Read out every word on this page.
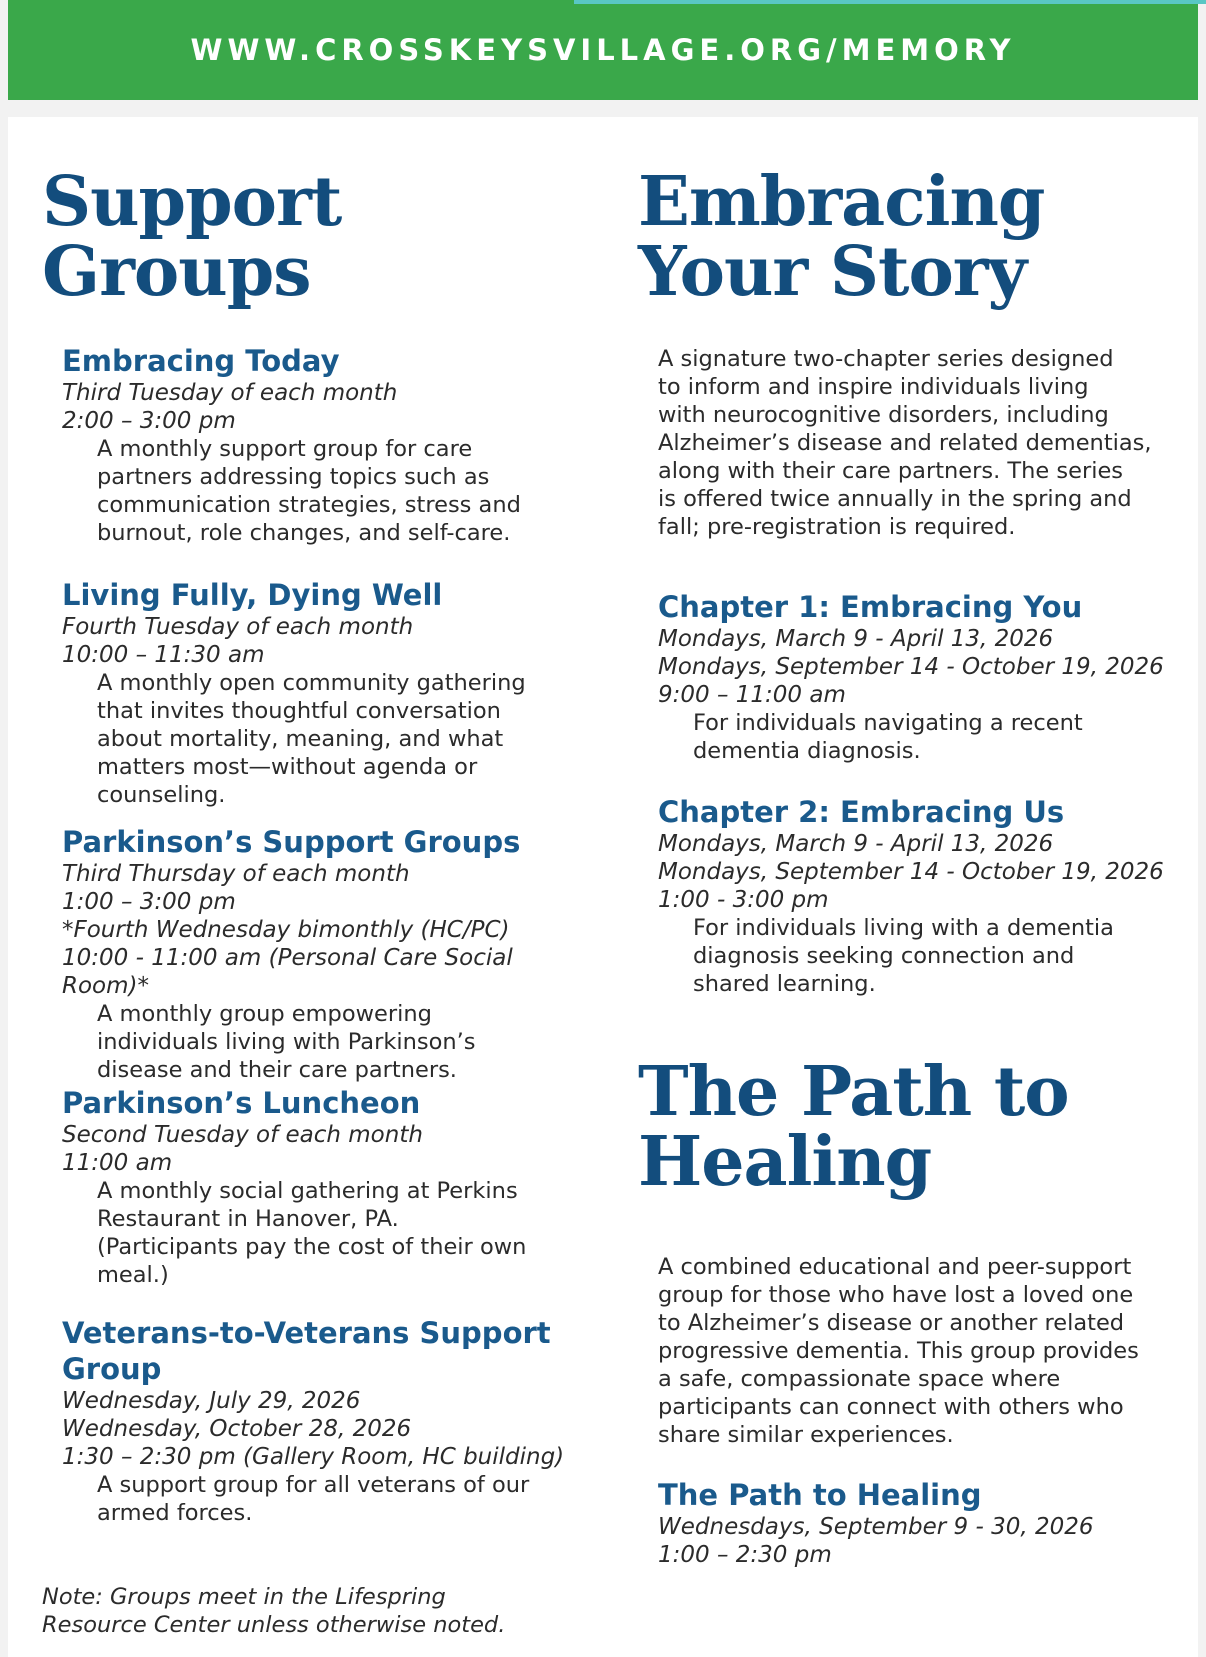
WWW.CROSSKEYSVILLAGE.ORG/MEMORY
Support
Groups
Embracing Today
Third Tuesday of each month
2:00 – 3:00 pm
A monthly support group for care
partners addressing topics such as
communication strategies, stress and
burnout, role changes, and self-care.
Living Fully, Dying Well
Fourth Tuesday of each month
10:00 – 11:30 am
A monthly open community gathering
that invites thoughtful conversation
about mortality, meaning, and what
matters most—without agenda or
counseling.
Parkinson’s Support Groups
Third Thursday of each month
1:00 – 3:00 pm
*Fourth Wednesday bimonthly (HC/PC)
10:00 - 11:00 am (Personal Care Social Room)*
A monthly group empowering
individuals living with Parkinson’s
disease and their care partners.
Parkinson’s Luncheon
Second Tuesday of each month
11:00 am
A monthly social gathering at Perkins
Restaurant in Hanover, PA.
(Participants pay the cost of their own
meal.)
Veterans-to-Veterans Support
Group
Wednesday, July 29, 2026
Wednesday, October 28, 2026
1:30 – 2:30 pm (Gallery Room, HC building)
A support group for all veterans of our
armed forces.
Note: Groups meet in the Lifespring
Resource Center unless otherwise noted.
Embracing
Your Story
A signature two-chapter series designed
to inform and inspire individuals living
with neurocognitive disorders, including
Alzheimer’s disease and related dementias,
along with their care partners. The series
is offered twice annually in the spring and
fall; pre-registration is required.
Chapter 1: Embracing You
Mondays, March 9 - April 13, 2026
Mondays, September 14 - October 19, 2026
9:00 – 11:00 am
For individuals navigating a recent
dementia diagnosis.
Chapter 2: Embracing Us
Mondays, March 9 - April 13, 2026
Mondays, September 14 - October 19, 2026
1:00 - 3:00 pm
For individuals living with a dementia
diagnosis seeking connection and
shared learning.
The Path to
Healing
A combined educational and peer-support
group for those who have lost a loved one
to Alzheimer’s disease or another related
progressive dementia. This group provides
a safe, compassionate space where
participants can connect with others who
share similar experiences.
The Path to Healing
Wednesdays, September 9 - 30, 2026
1:00 – 2:30 pm
